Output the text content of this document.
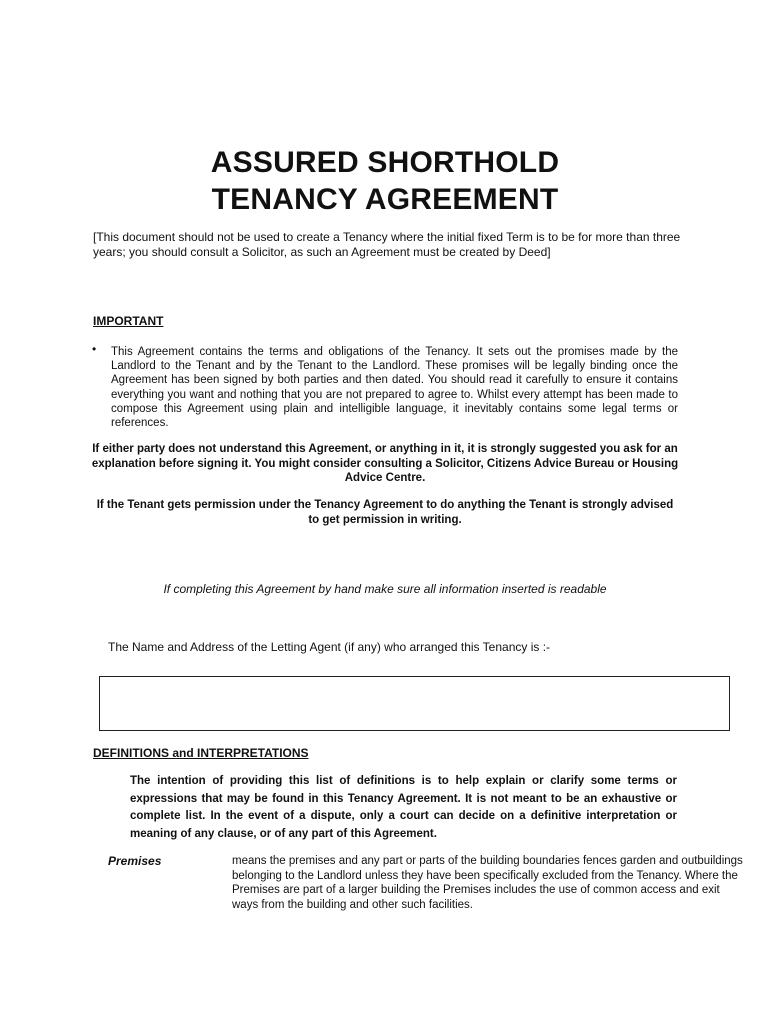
ASSURED SHORTHOLD
TENANCY AGREEMENT
[This document should not be used to create a Tenancy where the initial fixed Term is to be for more than three years; you should consult a Solicitor, as such an Agreement must be created by Deed]
IMPORTANT
• This Agreement contains the terms and obligations of the Tenancy. It sets out the promises made by the Landlord to the Tenant and by the Tenant to the Landlord. These promises will be legally binding once the Agreement has been signed by both parties and then dated. You should read it carefully to ensure it contains everything you want and nothing that you are not prepared to agree to. Whilst every attempt has been made to compose this Agreement using plain and intelligible language, it inevitably contains some legal terms or references.
If either party does not understand this Agreement, or anything in it, it is strongly suggested you ask for an explanation before signing it. You might consider consulting a Solicitor, Citizens Advice Bureau or Housing Advice Centre.
If the Tenant gets permission under the Tenancy Agreement to do anything the Tenant is strongly advised to get permission in writing.
If completing this Agreement by hand make sure all information inserted is readable
The Name and Address of the Letting Agent (if any) who arranged this Tenancy is :-
DEFINITIONS and INTERPRETATIONS
The intention of providing this list of definitions is to help explain or clarify some terms or expressions that may be found in this Tenancy Agreement. It is not meant to be an exhaustive or complete list. In the event of a dispute, only a court can decide on a definitive interpretation or meaning of any clause, or of any part of this Agreement.
Premises	means the premises and any part or parts of the building boundaries fences garden and outbuildings belonging to the Landlord unless they have been specifically excluded from the Tenancy. Where the Premises are part of a larger building the Premises includes the use of common access and exit ways from the building and other such facilities.
